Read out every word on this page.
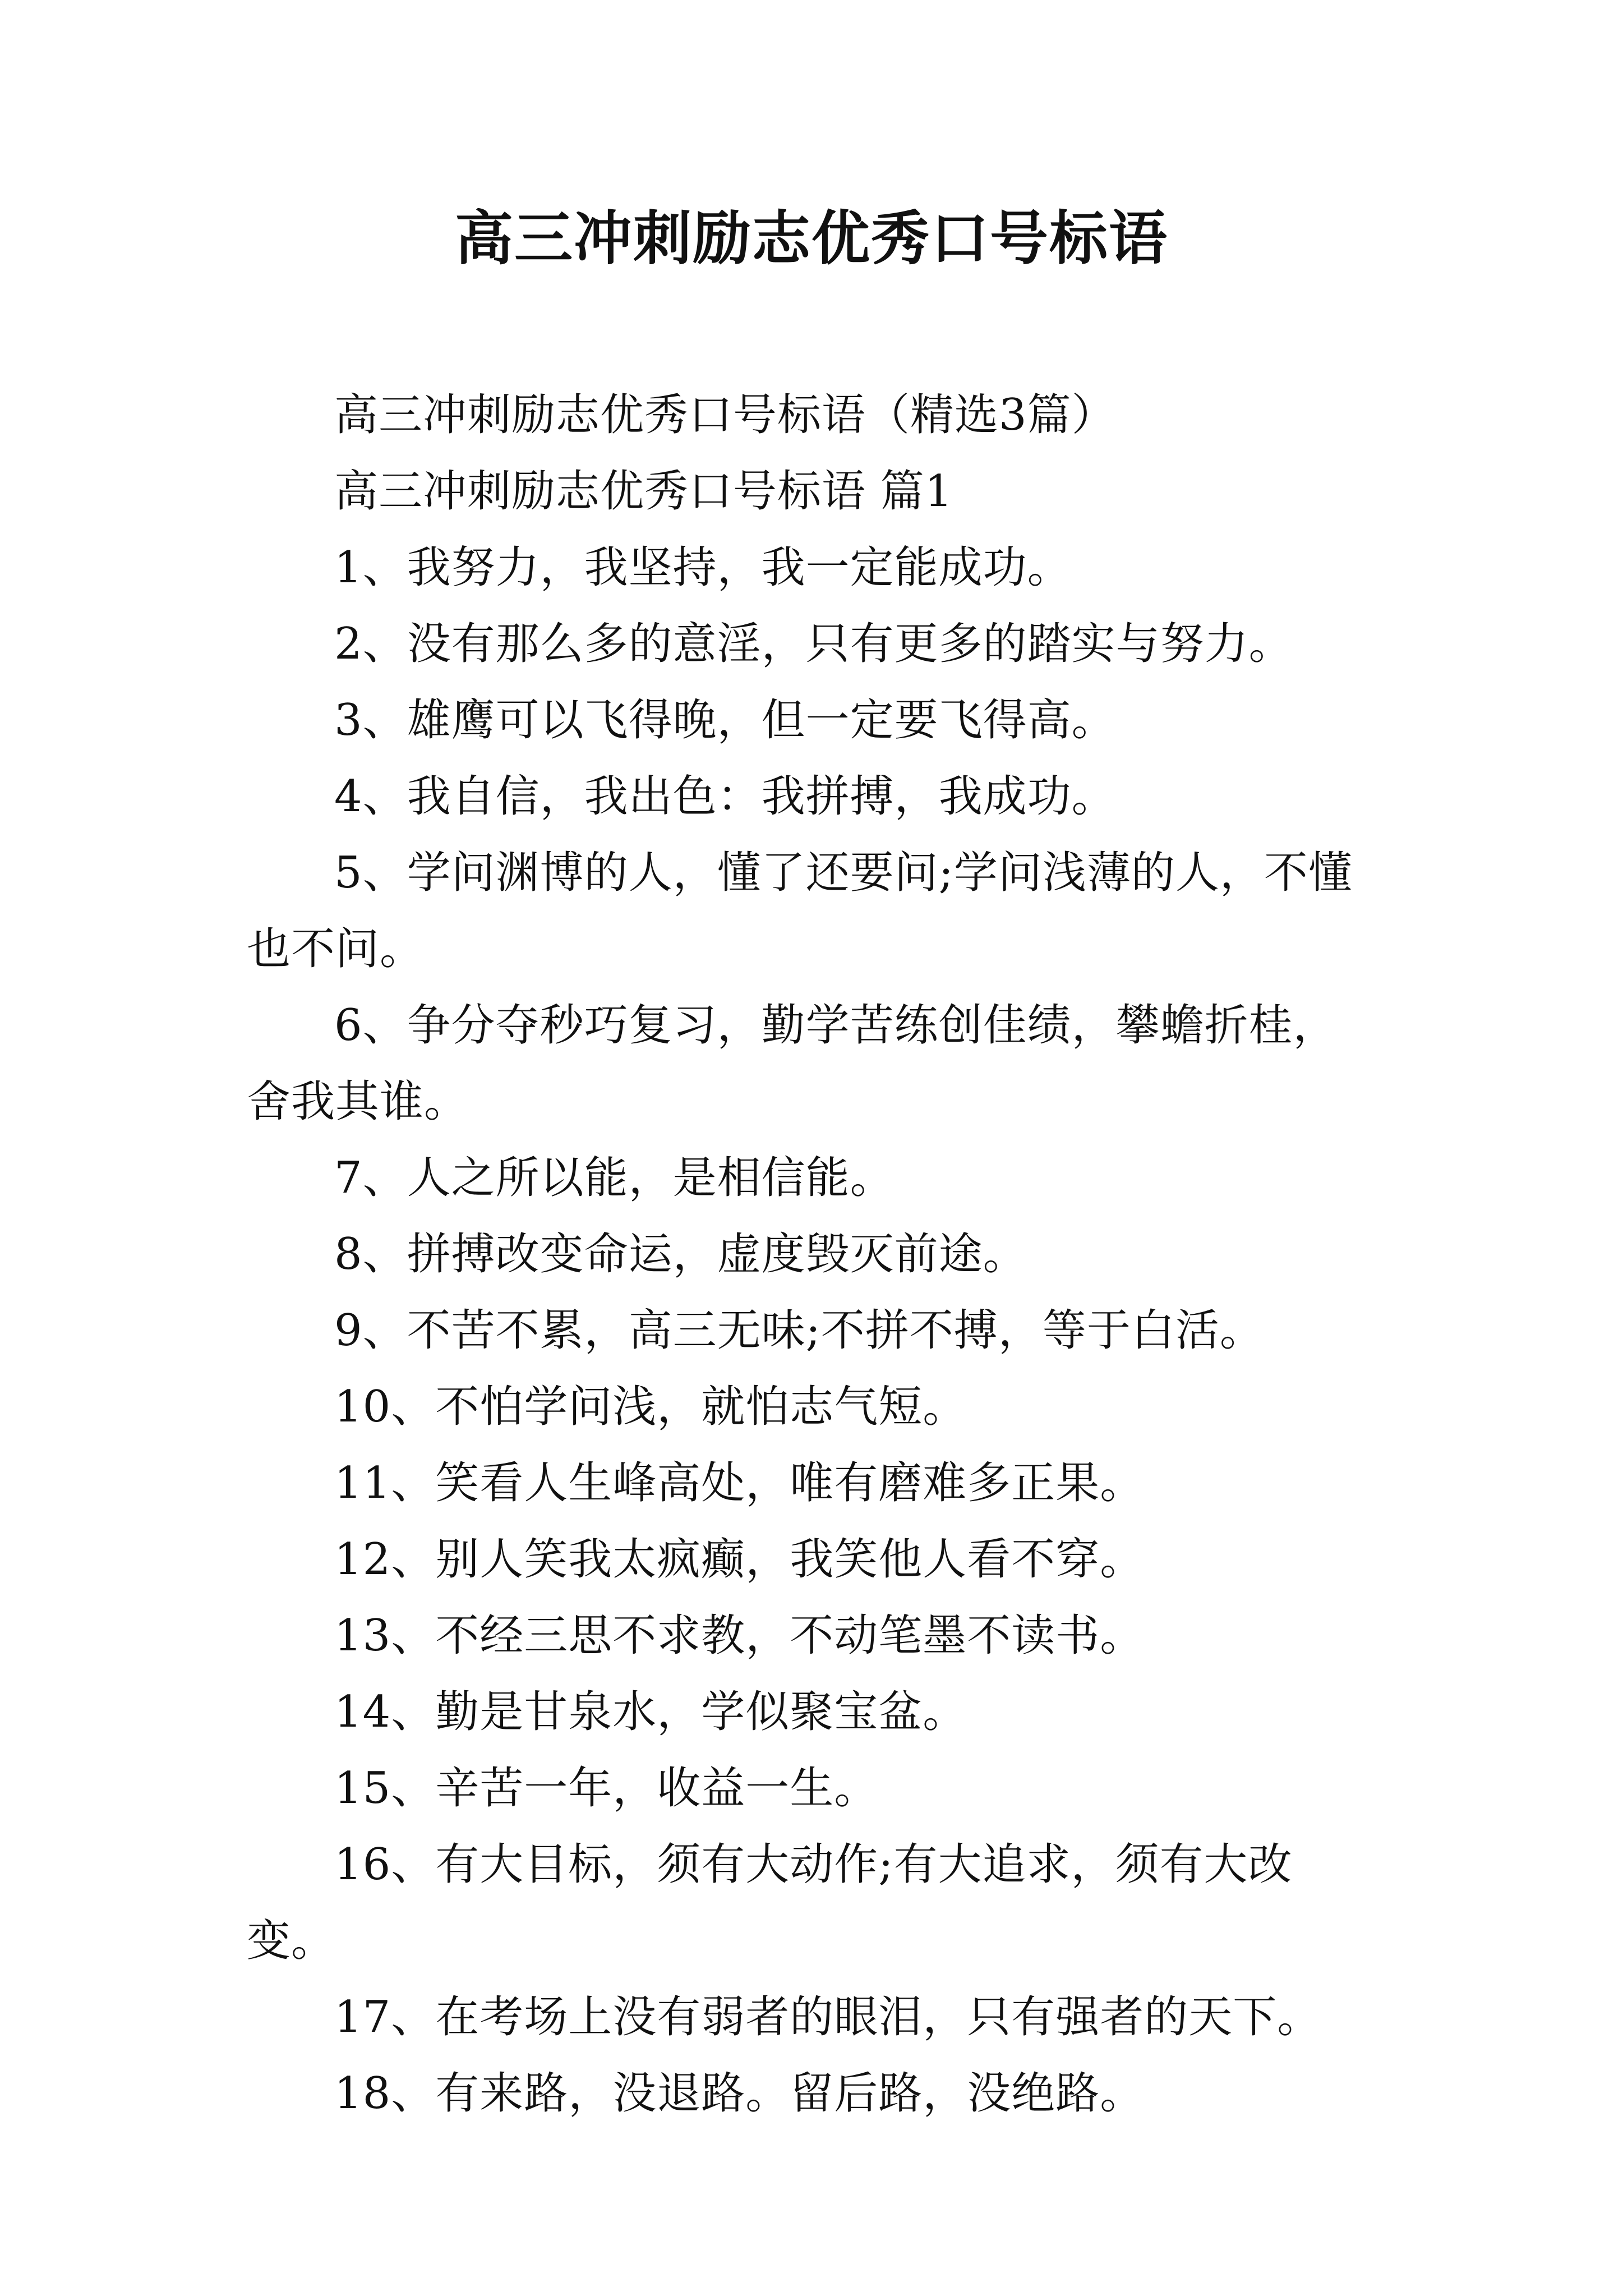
高三冲刺励志优秀口号标语

高三冲刺励志优秀口号标语（精选3篇）

高三冲刺励志优秀口号标语 篇1

1、我努力，我坚持，我一定能成功。

2、没有那么多的意淫，只有更多的踏实与努力。

3、雄鹰可以飞得晚，但一定要飞得高。

4、我自信，我出色：我拼搏，我成功。

5、学问渊博的人，懂了还要问;学问浅薄的人，不懂也不问。

6、争分夺秒巧复习，勤学苦练创佳绩，攀蟾折桂，舍我其谁。

7、人之所以能，是相信能。

8、拼搏改变命运，虚度毁灭前途。

9、不苦不累，高三无味;不拼不搏，等于白活。

10、不怕学问浅，就怕志气短。

11、笑看人生峰高处，唯有磨难多正果。

12、别人笑我太疯癫，我笑他人看不穿。

13、不经三思不求教，不动笔墨不读书。

14、勤是甘泉水，学似聚宝盆。

15、辛苦一年，收益一生。

16、有大目标，须有大动作;有大追求，须有大改变。

17、在考场上没有弱者的眼泪，只有强者的天下。

18、有来路，没退路。留后路，没绝路。
